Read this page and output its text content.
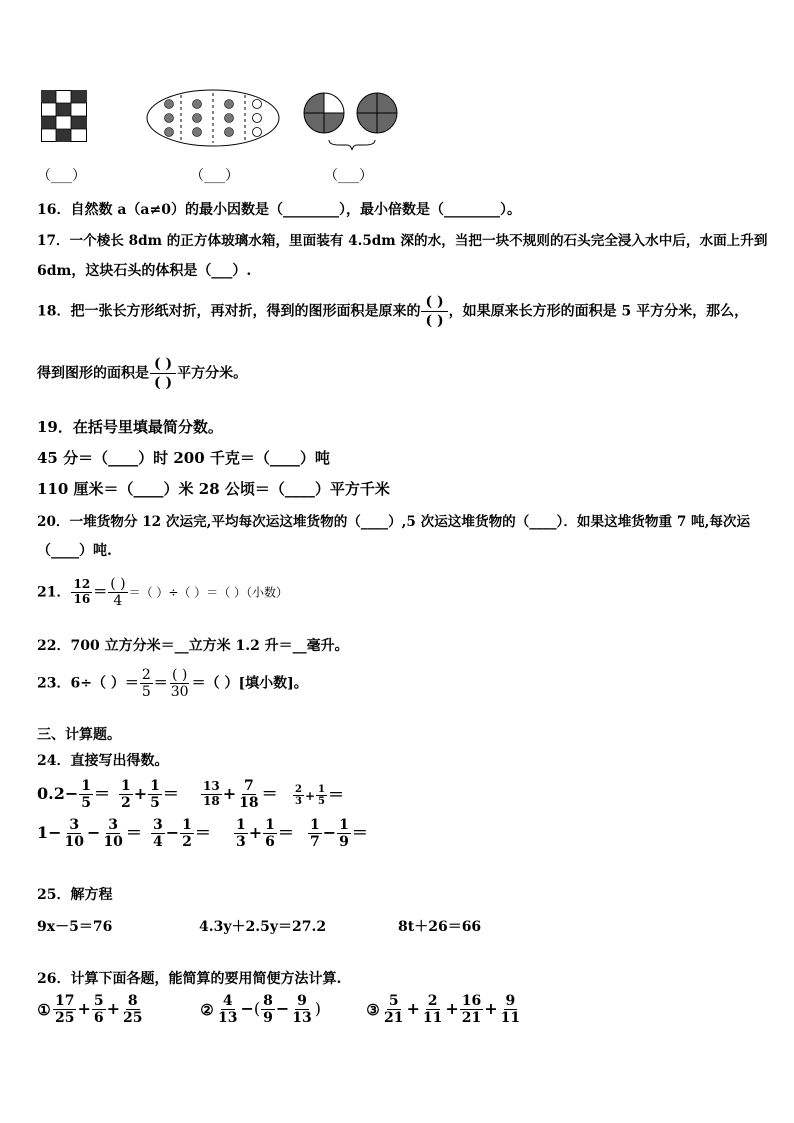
（___）	（___）	（___）
16．自然数 a（a≠0）的最小因数是（________），最小倍数是（________）。
17．一个棱长 8dm 的正方体玻璃水箱，里面装有 4.5dm 深的水，当把一块不规则的石头完全浸入水中后，水面上升到
6dm，这块石头的体积是（___）.
18．把一张长方形纸对折，再对折，得到的图形面积是原来的 $\frac{( )}{( )}$ ，如果原来长方形的面积是 5 平方分米，那么，
得到图形的面积是 $\frac{( )}{( )}$ 平方分米。
19．在括号里填最简分数。
45 分＝（____）时 200 千克＝（____）吨
110 厘米＝（____）米 28 公顷＝（____）平方千米
20．一堆货物分 12 次运完,平均每次运这堆货物的（____）,5 次运这堆货物的（____）．如果这堆货物重 7 吨,每次运
（____）吨.
21． $\frac{12}{16} = \frac{( )}{4}$ ＝（ ）÷（ ）＝（ ）（小数）
22．700 立方分米＝__立方米 1.2 升＝__毫升。
23．6÷（ ）＝ $\frac{2}{5} = \frac{( )}{30}$ ＝（ ）[填小数]。
三、计算题。
24．直接写出得数。
$0.2- \frac{1}{5} = \frac{1}{2} + \frac{1}{5} = \frac{13}{18} + \frac{7}{18} = \frac{2}{3} + \frac{1}{5}$ ＝
$1- \frac{3}{10} - \frac{3}{10} = \frac{3}{4} - \frac{1}{2} = \frac{1}{3} + \frac{1}{6} = \frac{1}{7} - \frac{1}{9}$ ＝
25．解方程
9x－5＝76	4.3y＋2.5y＝27.2	8t＋26＝66
26．计算下面各题，能简算的要用简便方法计算.
① $\frac{17}{25} + \frac{5}{6} + \frac{8}{25}$	② $\frac{4}{13}$ −( $\frac{8}{9} - \frac{9}{13}$ )	③ $\frac{5}{21} + \frac{2}{11} + \frac{16}{21} + \frac{9}{11}$
